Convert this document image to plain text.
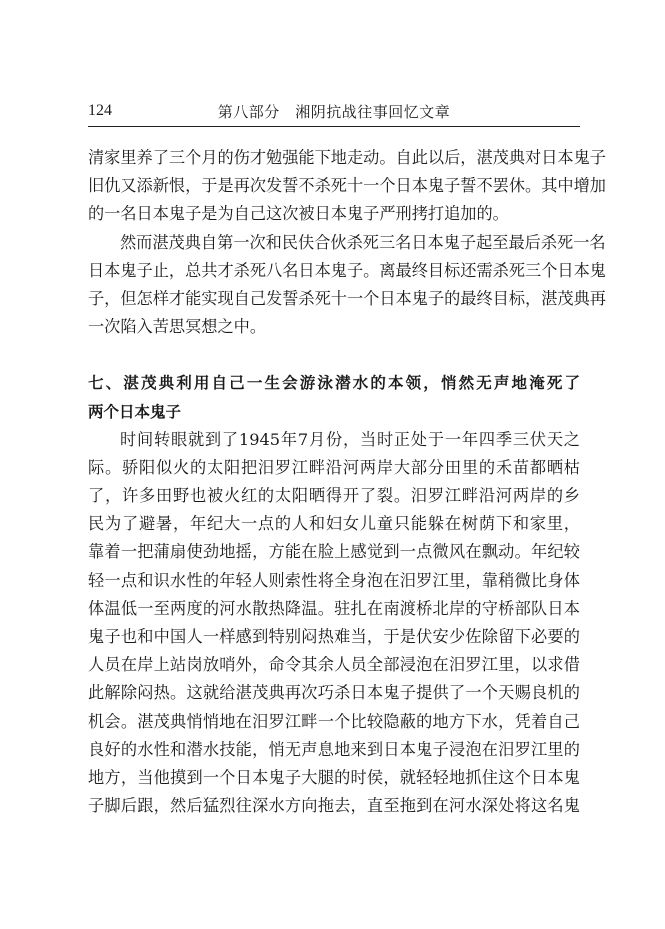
124	第八部分　湘阴抗战往事回忆文章
清家里养了三个月的伤才勉强能下地走动。自此以后，湛茂典对日本鬼子
旧仇又添新恨，于是再次发誓不杀死十一个日本鬼子誓不罢休。其中增加
的一名日本鬼子是为自己这次被日本鬼子严刑拷打追加的。
然而湛茂典自第一次和民伕合伙杀死三名日本鬼子起至最后杀死一名
日本鬼子止，总共才杀死八名日本鬼子。离最终目标还需杀死三个日本鬼
子，但怎样才能实现自己发誓杀死十一个日本鬼子的最终目标，湛茂典再
一次陷入苦思冥想之中。
七、湛茂典利用自己一生会游泳潜水的本领，悄然无声地淹死了
两个日本鬼子
时间转眼就到了1945年7月份，当时正处于一年四季三伏天之
际。骄阳似火的太阳把汨罗江畔沿河两岸大部分田里的禾苗都晒枯
了，许多田野也被火红的太阳晒得开了裂。汨罗江畔沿河两岸的乡
民为了避暑，年纪大一点的人和妇女儿童只能躲在树荫下和家里，
靠着一把蒲扇使劲地摇，方能在脸上感觉到一点微风在飘动。年纪较
轻一点和识水性的年轻人则索性将全身泡在汨罗江里，靠稍微比身体
体温低一至两度的河水散热降温。驻扎在南渡桥北岸的守桥部队日本
鬼子也和中国人一样感到特别闷热难当，于是伏安少佐除留下必要的
人员在岸上站岗放哨外，命令其余人员全部浸泡在汨罗江里，以求借
此解除闷热。这就给湛茂典再次巧杀日本鬼子提供了一个天赐良机的
机会。湛茂典悄悄地在汨罗江畔一个比较隐蔽的地方下水，凭着自己
良好的水性和潜水技能，悄无声息地来到日本鬼子浸泡在汨罗江里的
地方，当他摸到一个日本鬼子大腿的时侯，就轻轻地抓住这个日本鬼
子脚后跟，然后猛烈往深水方向拖去，直至拖到在河水深处将这名鬼
